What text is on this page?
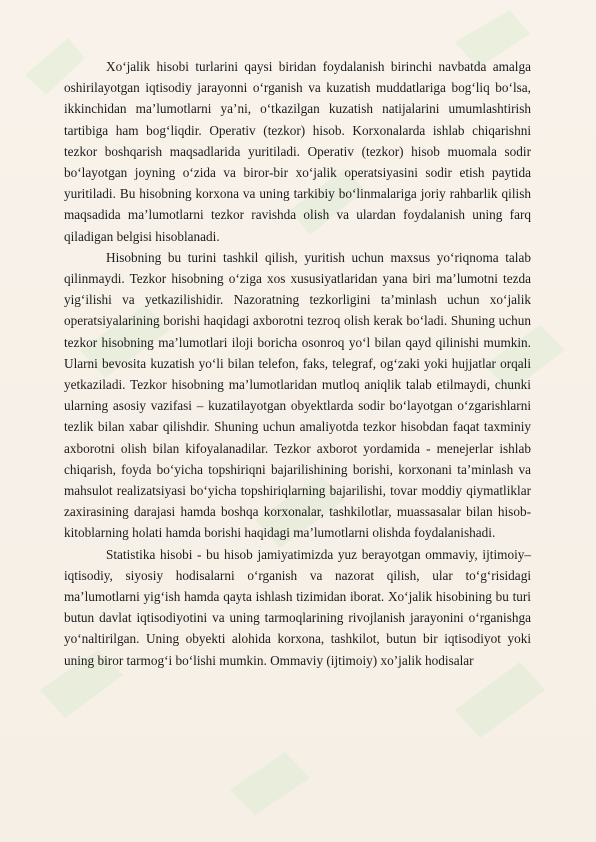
Xo‘jalik hisobi turlarini qaysi biridan foydalanish birinchi navbatda amalga oshirilayotgan iqtisodiy jarayonni o‘rganish va kuzatish muddatlariga bog‘liq bo‘lsa, ikkinchidan ma’lumotlarni ya’ni, o‘tkazilgan kuzatish natijalarini umumlashtirish tartibiga ham bog‘liqdir. Operativ (tezkor) hisob. Korxonalarda ishlab chiqarishni tezkor boshqarish maqsadlarida yuritiladi. Operativ (tezkor) hisob muomala sodir bo‘layotgan joyning o‘zida va biror-bir xo‘jalik operatsiyasini sodir etish paytida yuritiladi. Bu hisobning korxona va uning tarkibiy bo‘linmalariga joriy rahbarlik qilish maqsadida ma’lumotlarni tezkor ravishda olish va ulardan foydalanish uning farq qiladigan belgisi hisoblanadi.

Hisobning bu turini tashkil qilish, yuritish uchun maxsus yo‘riqnoma talab qilinmaydi. Tezkor hisobning o‘ziga xos xususiyatlaridan yana biri ma’lumotni tezda yig‘ilishi va yetkazilishidir. Nazoratning tezkorligini ta’minlash uchun xo‘jalik operatsiyalarining borishi haqidagi axborotni tezroq olish kerak bo‘ladi. Shuning uchun tezkor hisobning ma’lumotlari iloji boricha osonroq yo‘l bilan qayd qilinishi mumkin. Ularni bevosita kuzatish yo‘li bilan telefon, faks, telegraf, og‘zaki yoki hujjatlar orqali yetkaziladi. Tezkor hisobning ma’lumotlaridan mutloq aniqlik talab etilmaydi, chunki ularning asosiy vazifasi – kuzatilayotgan obyektlarda sodir bo‘layotgan o‘zgarishlarni tezlik bilan xabar qilishdir. Shuning uchun amaliyotda tezkor hisobdan faqat taxminiy axborotni olish bilan kifoyalanadilar. Tezkor axborot yordamida - menejerlar ishlab chiqarish, foyda bo‘yicha topshiriqni bajarilishining borishi, korxonani ta’minlash va mahsulot realizatsiyasi bo‘yicha topshiriqlarning bajarilishi, tovar moddiy qiymatliklar zaxirasining darajasi hamda boshqa korxonalar, tashkilotlar, muassasalar bilan hisob-kitoblarning holati hamda borishi haqidagi ma’lumotlarni olishda foydalanishadi.

Statistika hisobi - bu hisob jamiyatimizda yuz berayotgan ommaviy, ijtimoiy–iqtisodiy, siyosiy hodisalarni o‘rganish va nazorat qilish, ular to‘g‘risidagi ma’lumotlarni yig‘ish hamda qayta ishlash tizimidan iborat. Xo‘jalik hisobining bu turi butun davlat iqtisodiyotini va uning tarmoqlarining rivojlanish jarayonini o‘rganishga yo‘naltirilgan. Uning obyekti alohida korxona, tashkilot, butun bir iqtisodiyot yoki uning biror tarmog‘i bo‘lishi mumkin. Ommaviy (ijtimoiy) xo’jalik hodisalar
